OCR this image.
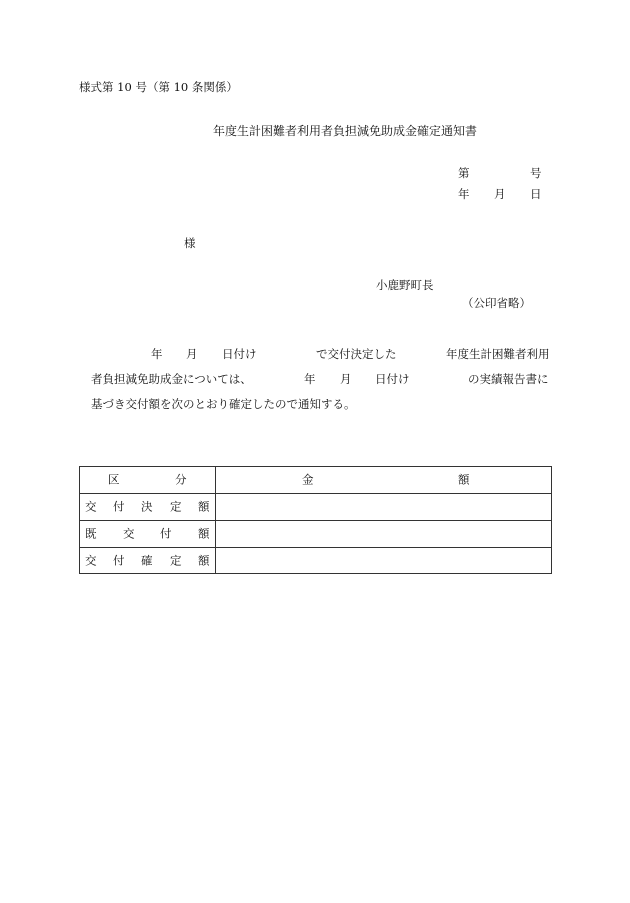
様式第 10 号（第 10 条関係）
年度生計困難者利用者負担減免助成金確定通知書
第	号
年 月 日
様
小鹿野町長
（公印省略）
年 月 日付け	で交付決定した	年度生計困難者利用
者負担減免助成金については、	年 月 日付け	の実績報告書に
基づき交付額を次のとおり確定したので通知する。
区 分	金 額

交 付 決 定 額	

既 交 付 額	

交 付 確 定 額	
